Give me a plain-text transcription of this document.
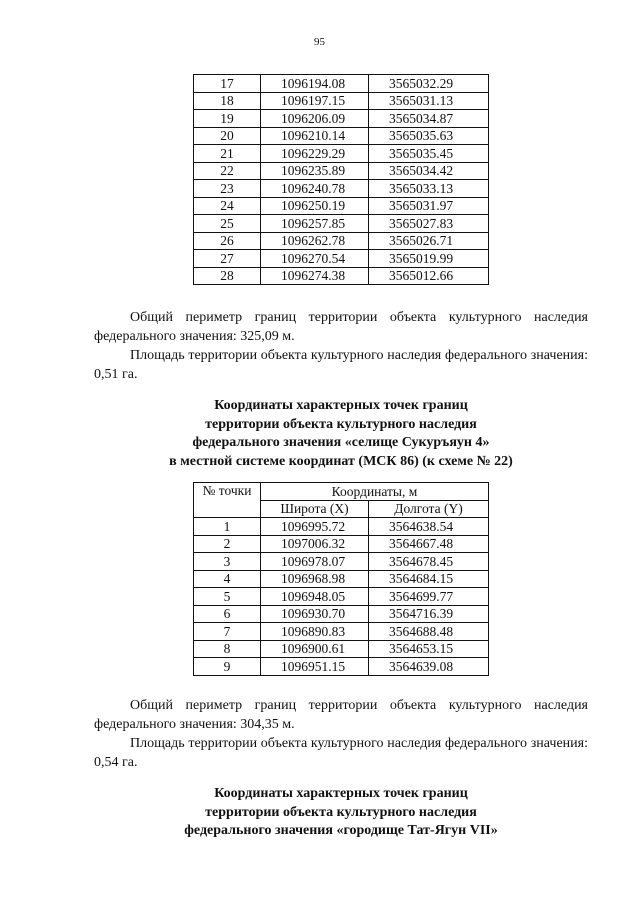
95
17	1096194.08	3565032.29
18	1096197.15	3565031.13
19	1096206.09	3565034.87
20	1096210.14	3565035.63
21	1096229.29	3565035.45
22	1096235.89	3565034.42
23	1096240.78	3565033.13
24	1096250.19	3565031.97
25	1096257.85	3565027.83
26	1096262.78	3565026.71
27	1096270.54	3565019.99
28	1096274.38	3565012.66

Общий периметр границ территории объекта культурного наследия федерального значения: 325,09 м.

Площадь территории объекта культурного наследия федерального значения: 0,51 га.

Координаты характерных точек границ
территории объекта культурного наследия
федерального значения «селище Сукуръяун 4»
в местной системе координат (МСК 86) (к схеме № 22)
№ точки	Координаты, м	
	Широта (X)	Долгота (Y)
1	1096995.72	3564638.54
2	1097006.32	3564667.48
3	1096978.07	3564678.45
4	1096968.98	3564684.15
5	1096948.05	3564699.77
6	1096930.70	3564716.39
7	1096890.83	3564688.48
8	1096900.61	3564653.15
9	1096951.15	3564639.08

Общий периметр границ территории объекта культурного наследия федерального значения: 304,35 м.

Площадь территории объекта культурного наследия федерального значения: 0,54 га.

Координаты характерных точек границ
территории объекта культурного наследия
федерального значения «городище Тат-Ягун VII»
